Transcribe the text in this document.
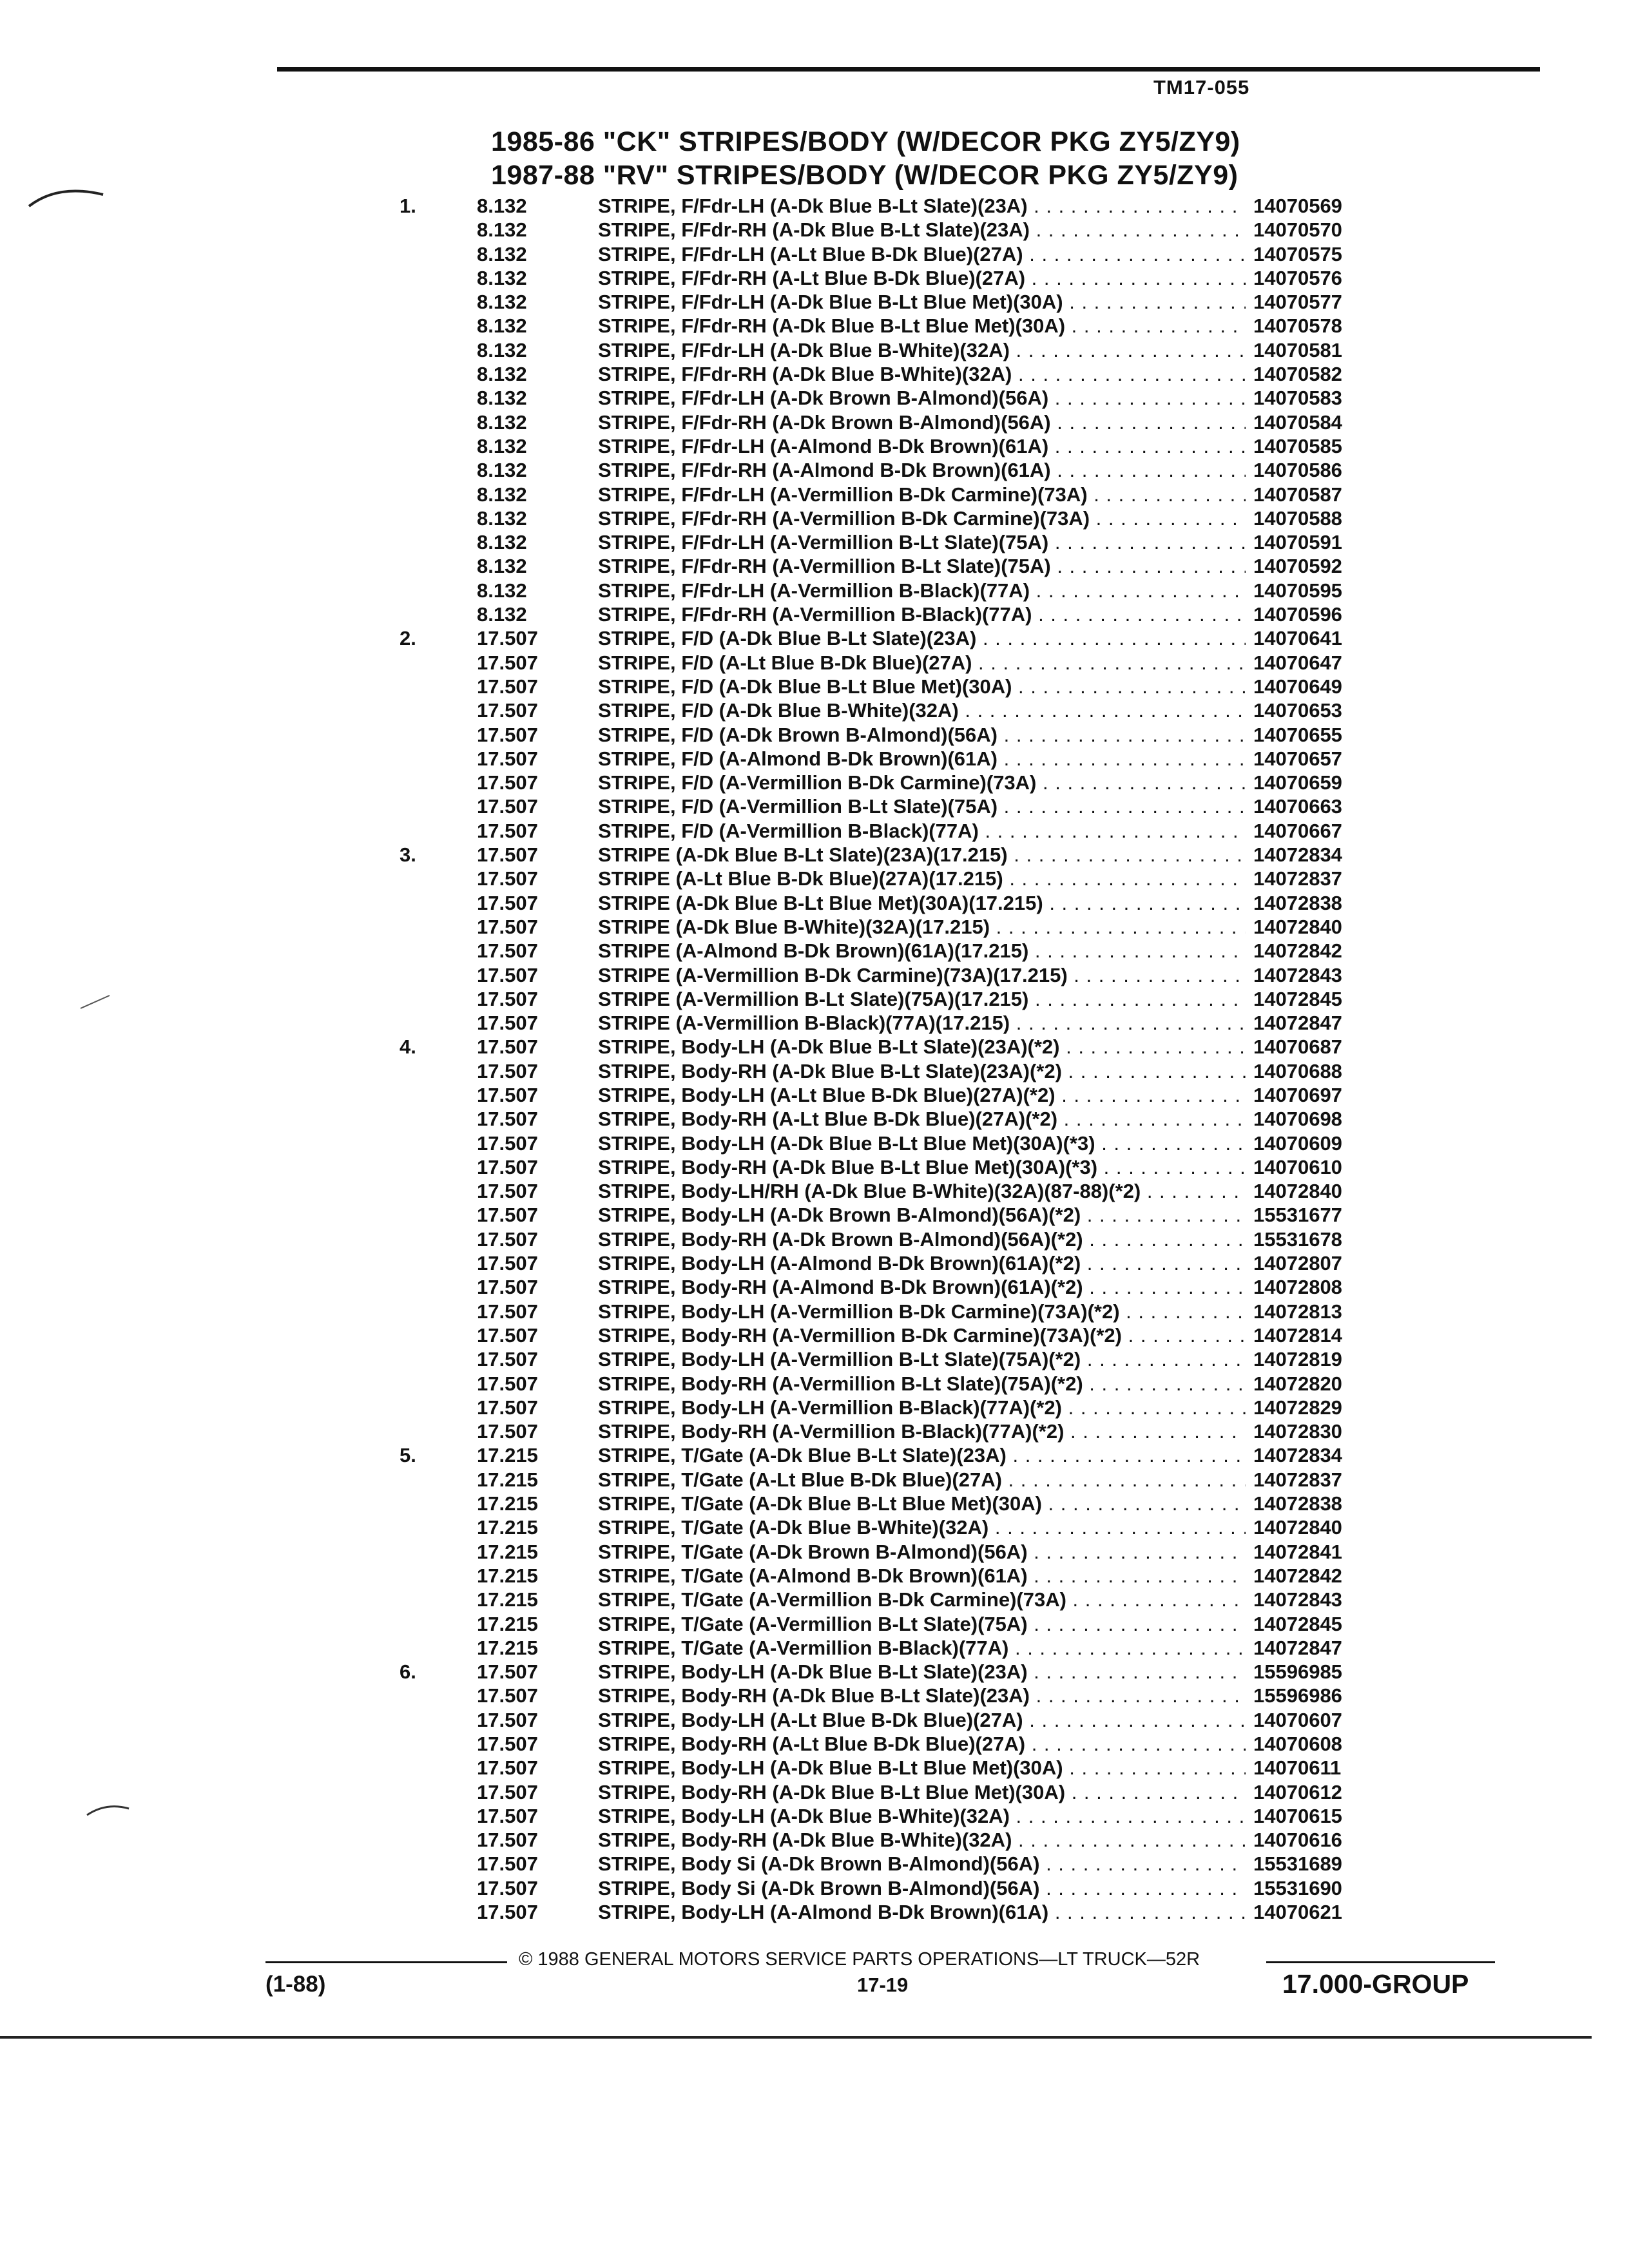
TM17-055
1985-86 "CK" STRIPES/BODY (W/DECOR PKG ZY5/ZY9)
1987-88 "RV" STRIPES/BODY (W/DECOR PKG ZY5/ZY9)
1.	8.132	STRIPE, F/Fdr-LH (A-Dk Blue B-Lt Slate)(23A) . . .	14070569
8.132	STRIPE, F/Fdr-RH (A-Dk Blue B-Lt Slate)(23A) . . .	14070570
8.132	STRIPE, F/Fdr-LH (A-Lt Blue B-Dk Blue)(27A) . . .	14070575
8.132	STRIPE, F/Fdr-RH (A-Lt Blue B-Dk Blue)(27A) . . .	14070576
8.132	STRIPE, F/Fdr-LH (A-Dk Blue B-Lt Blue Met)(30A) . . .	14070577
8.132	STRIPE, F/Fdr-RH (A-Dk Blue B-Lt Blue Met)(30A) . . .	14070578
8.132	STRIPE, F/Fdr-LH (A-Dk Blue B-White)(32A) . . .	14070581
8.132	STRIPE, F/Fdr-RH (A-Dk Blue B-White)(32A) . . .	14070582
8.132	STRIPE, F/Fdr-LH (A-Dk Brown B-Almond)(56A) . . .	14070583
8.132	STRIPE, F/Fdr-RH (A-Dk Brown B-Almond)(56A) . . .	14070584
8.132	STRIPE, F/Fdr-LH (A-Almond B-Dk Brown)(61A) . . .	14070585
8.132	STRIPE, F/Fdr-RH (A-Almond B-Dk Brown)(61A) . . .	14070586
8.132	STRIPE, F/Fdr-LH (A-Vermillion B-Dk Carmine)(73A) . . .	14070587
8.132	STRIPE, F/Fdr-RH (A-Vermillion B-Dk Carmine)(73A) . . .	14070588
8.132	STRIPE, F/Fdr-LH (A-Vermillion B-Lt Slate)(75A) . . .	14070591
8.132	STRIPE, F/Fdr-RH (A-Vermillion B-Lt Slate)(75A) . . .	14070592
8.132	STRIPE, F/Fdr-LH (A-Vermillion B-Black)(77A) . . .	14070595
8.132	STRIPE, F/Fdr-RH (A-Vermillion B-Black)(77A) . . .	14070596
2.	17.507	STRIPE, F/D (A-Dk Blue B-Lt Slate)(23A) . . .	14070641
17.507	STRIPE, F/D (A-Lt Blue B-Dk Blue)(27A) . . .	14070647
17.507	STRIPE, F/D (A-Dk Blue B-Lt Blue Met)(30A) . . .	14070649
17.507	STRIPE, F/D (A-Dk Blue B-White)(32A) . . .	14070653
17.507	STRIPE, F/D (A-Dk Brown B-Almond)(56A) . . .	14070655
17.507	STRIPE, F/D (A-Almond B-Dk Brown)(61A) . . .	14070657
17.507	STRIPE, F/D (A-Vermillion B-Dk Carmine)(73A) . . .	14070659
17.507	STRIPE, F/D (A-Vermillion B-Lt Slate)(75A) . . .	14070663
17.507	STRIPE, F/D (A-Vermillion B-Black)(77A) . . .	14070667
3.	17.507	STRIPE (A-Dk Blue B-Lt Slate)(23A)(17.215) . . .	14072834
17.507	STRIPE (A-Lt Blue B-Dk Blue)(27A)(17.215) . . .	14072837
17.507	STRIPE (A-Dk Blue B-Lt Blue Met)(30A)(17.215) . . .	14072838
17.507	STRIPE (A-Dk Blue B-White)(32A)(17.215) . . .	14072840
17.507	STRIPE (A-Almond B-Dk Brown)(61A)(17.215) . . .	14072842
17.507	STRIPE (A-Vermillion B-Dk Carmine)(73A)(17.215) . . .	14072843
17.507	STRIPE (A-Vermillion B-Lt Slate)(75A)(17.215) . . .	14072845
17.507	STRIPE (A-Vermillion B-Black)(77A)(17.215) . . .	14072847
4.	17.507	STRIPE, Body-LH (A-Dk Blue B-Lt Slate)(23A)(*2) . . .	14070687
17.507	STRIPE, Body-RH (A-Dk Blue B-Lt Slate)(23A)(*2) . . .	14070688
17.507	STRIPE, Body-LH (A-Lt Blue B-Dk Blue)(27A)(*2) . . .	14070697
17.507	STRIPE, Body-RH (A-Lt Blue B-Dk Blue)(27A)(*2) . . .	14070698
17.507	STRIPE, Body-LH (A-Dk Blue B-Lt Blue Met)(30A)(*3) . . .	14070609
17.507	STRIPE, Body-RH (A-Dk Blue B-Lt Blue Met)(30A)(*3) . . .	14070610
17.507	STRIPE, Body-LH/RH (A-Dk Blue B-White)(32A)(87-88)(*2) . . .	14072840
17.507	STRIPE, Body-LH (A-Dk Brown B-Almond)(56A)(*2) . . .	15531677
17.507	STRIPE, Body-RH (A-Dk Brown B-Almond)(56A)(*2) . . .	15531678
17.507	STRIPE, Body-LH (A-Almond B-Dk Brown)(61A)(*2) . . .	14072807
17.507	STRIPE, Body-RH (A-Almond B-Dk Brown)(61A)(*2) . . .	14072808
17.507	STRIPE, Body-LH (A-Vermillion B-Dk Carmine)(73A)(*2) . . .	14072813
17.507	STRIPE, Body-RH (A-Vermillion B-Dk Carmine)(73A)(*2) . . .	14072814
17.507	STRIPE, Body-LH (A-Vermillion B-Lt Slate)(75A)(*2) . . .	14072819
17.507	STRIPE, Body-RH (A-Vermillion B-Lt Slate)(75A)(*2) . . .	14072820
17.507	STRIPE, Body-LH (A-Vermillion B-Black)(77A)(*2) . . .	14072829
17.507	STRIPE, Body-RH (A-Vermillion B-Black)(77A)(*2) . . .	14072830
5.	17.215	STRIPE, T/Gate (A-Dk Blue B-Lt Slate)(23A) . . .	14072834
17.215	STRIPE, T/Gate (A-Lt Blue B-Dk Blue)(27A) . . .	14072837
17.215	STRIPE, T/Gate (A-Dk Blue B-Lt Blue Met)(30A) . . .	14072838
17.215	STRIPE, T/Gate (A-Dk Blue B-White)(32A) . . .	14072840
17.215	STRIPE, T/Gate (A-Dk Brown B-Almond)(56A) . . .	14072841
17.215	STRIPE, T/Gate (A-Almond B-Dk Brown)(61A) . . .	14072842
17.215	STRIPE, T/Gate (A-Vermillion B-Dk Carmine)(73A) . . .	14072843
17.215	STRIPE, T/Gate (A-Vermillion B-Lt Slate)(75A) . . .	14072845
17.215	STRIPE, T/Gate (A-Vermillion B-Black)(77A) . . .	14072847
6.	17.507	STRIPE, Body-LH (A-Dk Blue B-Lt Slate)(23A) . . .	15596985
17.507	STRIPE, Body-RH (A-Dk Blue B-Lt Slate)(23A) . . .	15596986
17.507	STRIPE, Body-LH (A-Lt Blue B-Dk Blue)(27A) . . .	14070607
17.507	STRIPE, Body-RH (A-Lt Blue B-Dk Blue)(27A) . . .	14070608
17.507	STRIPE, Body-LH (A-Dk Blue B-Lt Blue Met)(30A) . . .	14070611
17.507	STRIPE, Body-RH (A-Dk Blue B-Lt Blue Met)(30A) . . .	14070612
17.507	STRIPE, Body-LH (A-Dk Blue B-White)(32A) . . .	14070615
17.507	STRIPE, Body-RH (A-Dk Blue B-White)(32A) . . .	14070616
17.507	STRIPE, Body Si (A-Dk Brown B-Almond)(56A) . . .	15531689
17.507	STRIPE, Body Si (A-Dk Brown B-Almond)(56A) . . .	15531690
17.507	STRIPE, Body-LH (A-Almond B-Dk Brown)(61A) . . .	14070621
© 1988 GENERAL MOTORS SERVICE PARTS OPERATIONS—LT TRUCK—52R
(1-88)	17-19	17.000-GROUP
